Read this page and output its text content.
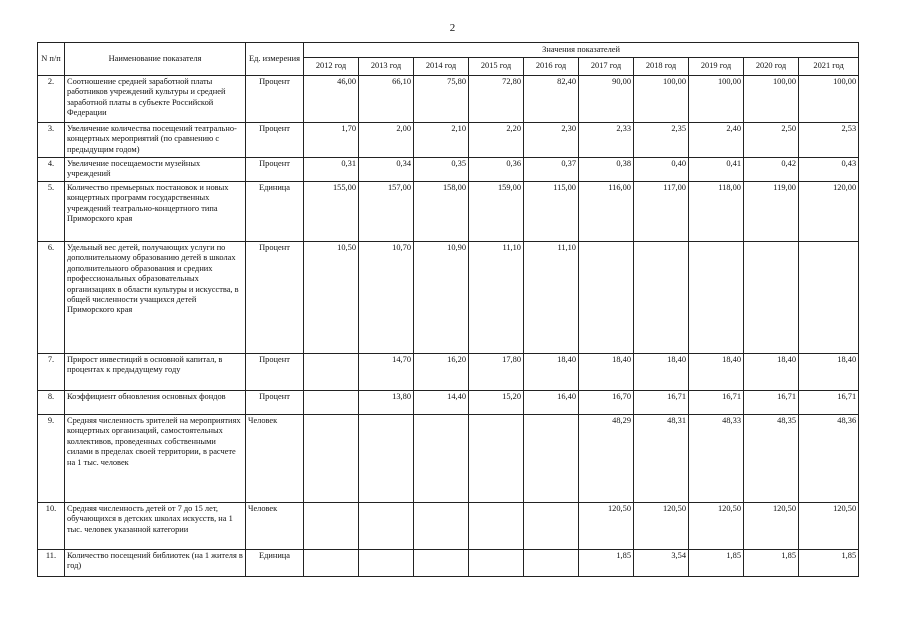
2
N п/п	Наименование показателя	Ед. измерения	Значения показателей									
			2012 год	2013 год	2014 год	2015 год	2016 год	2017 год	2018 год	2019 год	2020 год	2021 год
2.	Соотношение средней заработной платы работников учреждений культуры и средней заработной платы в субъекте Российской Федерации	Процент	46,00	66,10	75,80	72,80	82,40	90,00	100,00	100,00	100,00	100,00
3.	Увеличение количества посещений театрально-концертных мероприятий (по сравнению с предыдущим годом)	Процент	1,70	2,00	2,10	2,20	2,30	2,33	2,35	2,40	2,50	2,53
4.	Увеличение посещаемости музейных учреждений	Процент	0,31	0,34	0,35	0,36	0,37	0,38	0,40	0,41	0,42	0,43
5.	Количество премьерных постановок и новых концертных программ государственных учреждений театрально-концертного типа Приморского края	Единица	155,00	157,00	158,00	159,00	115,00	116,00	117,00	118,00	119,00	120,00
6.	Удельный вес детей, получающих услуги по дополнительному образованию детей в школах дополнительного образования и средних профессиональных образовательных организациях в области культуры и искусства, в общей численности учащихся детей Приморского края	Процент	10,50	10,70	10,90	11,10	11,10					
7.	Прирост инвестиций в основной капитал, в процентах к предыдущему году	Процент		14,70	16,20	17,80	18,40	18,40	18,40	18,40	18,40	18,40
8.	Коэффициент обновления основных фондов	Процент		13,80	14,40	15,20	16,40	16,70	16,71	16,71	16,71	16,71
9.	Средняя численность зрителей на мероприятиях концертных организаций, самостоятельных коллективов, проведенных собственными силами в пределах своей территории, в расчете на 1 тыс. человек	Человек						48,29	48,31	48,33	48,35	48,36
10.	Средняя численность детей от 7 до 15 лет, обучающихся в детских школах искусств, на 1 тыс. человек указанной категории	Человек						120,50	120,50	120,50	120,50	120,50
11.	Количество посещений библиотек (на 1 жителя в год)	Единица						1,85	3,54	1,85	1,85	1,85
